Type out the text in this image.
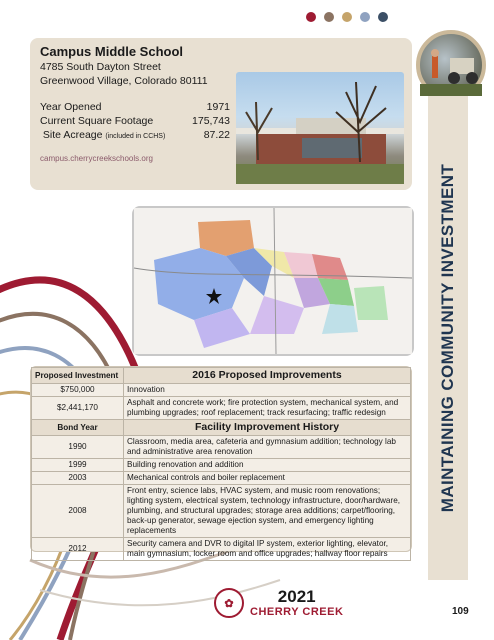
Campus Middle School
4785 South Dayton Street
Greenwood Village, Colorado 80111
Year Opened	1971
Current Square Footage	175,743
Site Acreage (included in CCHS)	87.22
campus.cherrycreekschools.org
MAINTAINING COMMUNITY INVESTMENT
Proposed Investment	2016 Proposed Improvements
$750,000	Innovation
$2,441,170	Asphalt and concrete work; fire protection system, mechanical system, and plumbing upgrades; roof replacement; track resurfacing; traffic redesign
Bond Year	Facility Improvement History
1990	Classroom, media area, cafeteria and gymnasium addition; technology lab and administrative area renovation
1999	Building renovation and addition
2003	Mechanical controls and boiler replacement
2008	Front entry, science labs, HVAC system, and music room renovations; lighting system, electrical system, technology infrastructure, door/hardware, plumbing, and structural upgrades; storage area additions; carpet/flooring, back-up generator, sewage ejection system, and emergency lighting replacements
2012	Security camera and DVR to digital IP system, exterior lighting, elevator, main gymnasium, locker room and office upgrades; hallway floor repairs
✿	2021
CHERRY CREEK	109
